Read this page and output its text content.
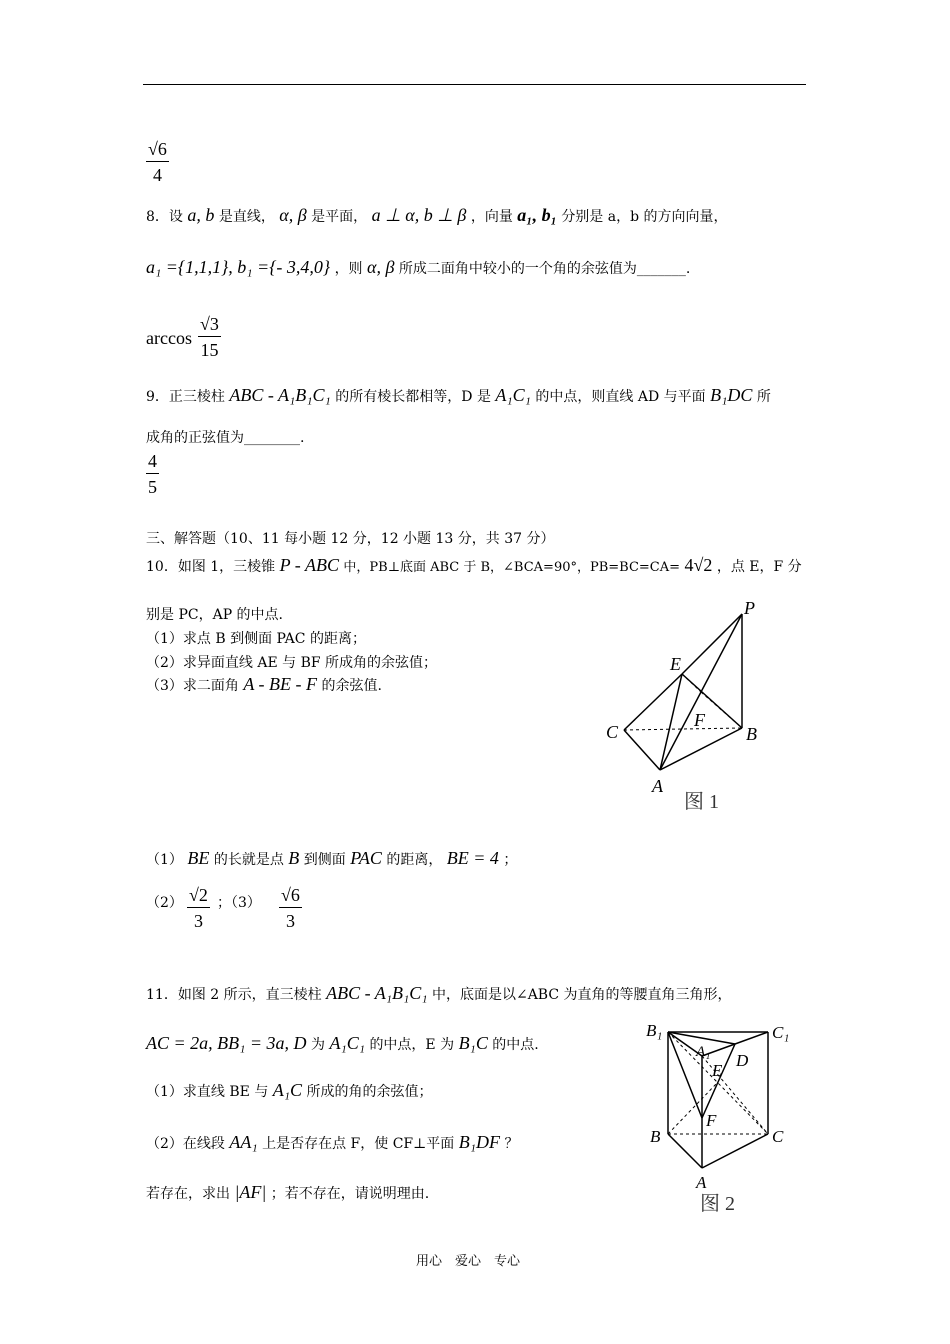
√6
4
8．设 a, b 是直线， α, β 是平面， a ⊥ α, b ⊥ β ，向量 a₁, b₁ 分别是 a，b 的方向向量，
a₁ ={1,1,1}, b₁ ={- 3,4,0} ，则 α, β 所成二面角中较小的一个角的余弦值为_______.
arccos
√3
15
9．正三棱柱 ABC - A₁B₁C₁ 的所有棱长都相等，D 是 A₁C₁ 的中点，则直线 AD 与平面 B₁DC 所
成角的正弦值为________.
4
5
三、解答题（10、11 每小题 12 分，12 小题 13 分，共 37 分）
10．如图 1，三棱锥 P - ABC 中，PB⊥底面 ABC 于 B，∠BCA=90°，PB=BC=CA= 4√2 ，点 E，F 分
别是 PC，AP 的中点.
（1）求点 B 到侧面 PAC 的距离；
（2）求异面直线 AE 与 BF 所成角的余弦值；
（3）求二面角 A - BE - F 的余弦值.
P
E
F
C	B
A
图 1
（1） BE 的长就是点 B 到侧面 PAC 的距离， BE = 4 ；
（2） √2
3
；（3） √6
3
11．如图 2 所示，直三棱柱 ABC - A₁B₁C₁ 中，底面是以∠ABC 为直角的等腰直角三角形，
AC = 2a, BB₁ = 3a, D 为 A₁C₁ 的中点，E 为 B₁C 的中点.
（1）求直线 BE 与 A₁C 所成的角的余弦值；
（2）在线段 AA₁ 上是否存在点 F，使 CF⊥平面 B₁DF ？
若存在，求出 |AF| ；若不存在，请说明理由.
B₁	C₁
A₁ D
E
F
B	C
A
图 2
用心　爱心　专心
